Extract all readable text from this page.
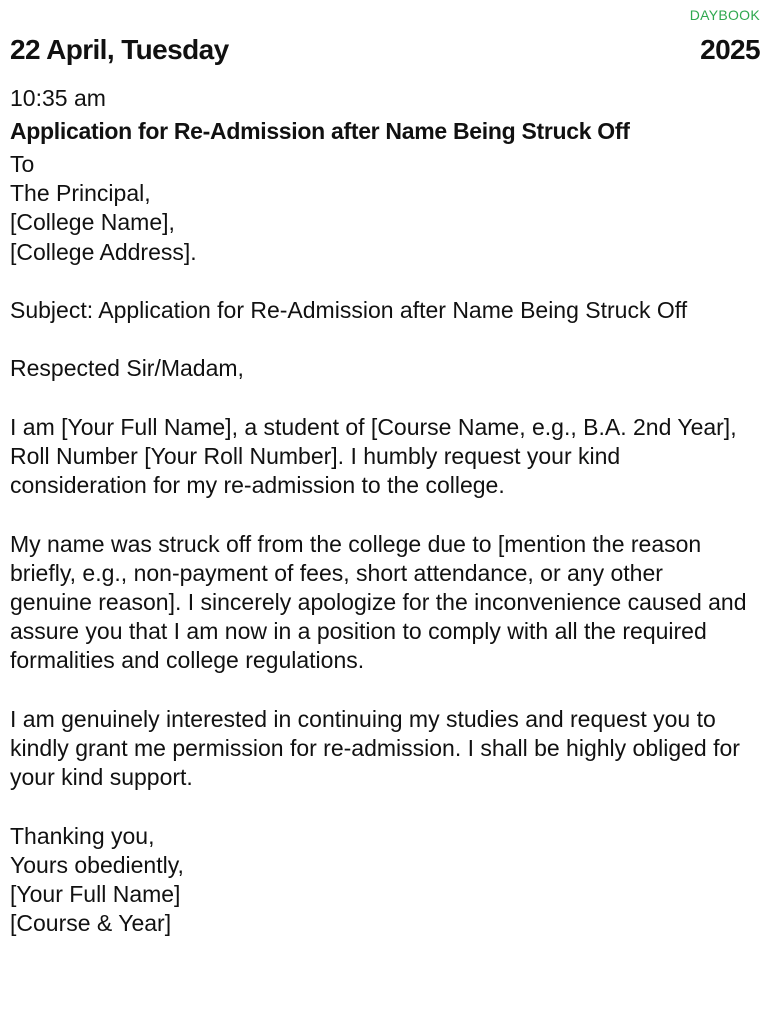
DAYBOOK
22 April, Tuesday	2025
10:35 am
Application for Re-Admission after Name Being Struck Off
To
The Principal,
[College Name],
[College Address].
Subject: Application for Re-Admission after Name Being Struck Off
Respected Sir/Madam,
I am [Your Full Name], a student of [Course Name, e.g., B.A. 2nd Year], Roll Number [Your Roll Number]. I humbly request your kind consideration for my re-admission to the college.
My name was struck off from the college due to [mention the reason briefly, e.g., non-payment of fees, short attendance, or any other genuine reason]. I sincerely apologize for the inconvenience caused and assure you that I am now in a position to comply with all the required formalities and college regulations.
I am genuinely interested in continuing my studies and request you to kindly grant me permission for re-admission. I shall be highly obliged for your kind support.
Thanking you,
Yours obediently,
[Your Full Name]
[Course & Year]
